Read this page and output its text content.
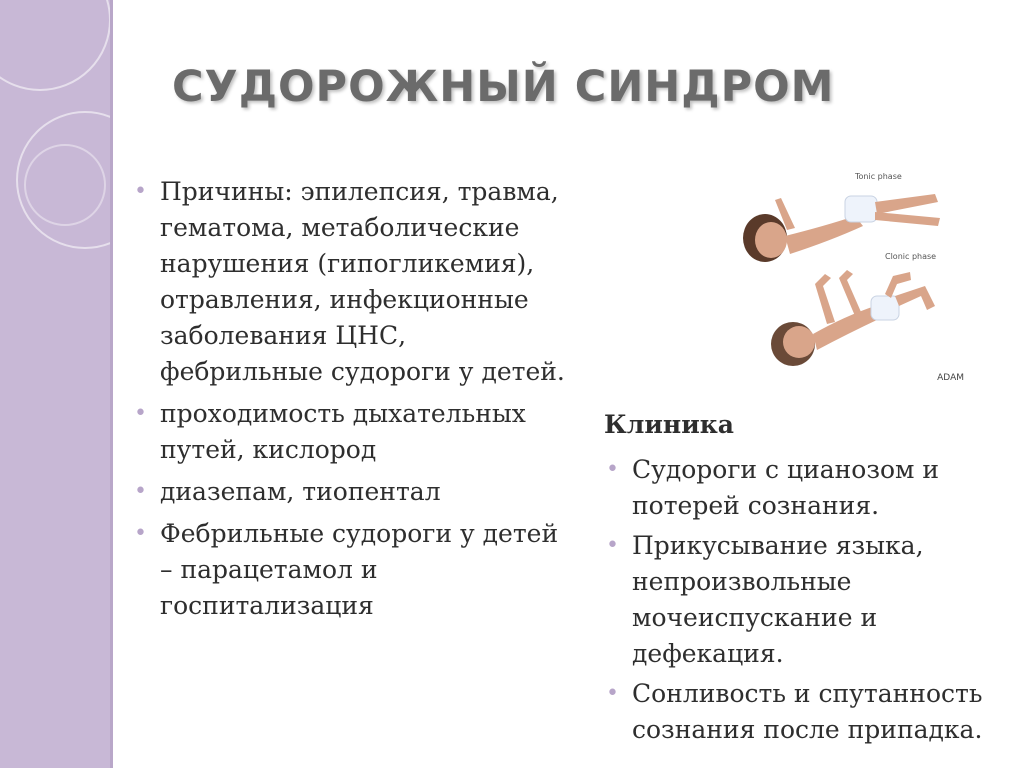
СУДОРОЖНЫЙ СИНДРОМ
• Причины: эпилепсия, травма, гематома, метаболические нарушения (гипогликемия), отравления, инфекционные заболевания ЦНС, фебрильные судороги у детей.
• проходимость дыхательных путей, кислород
• диазепам, тиопентал
• Фебрильные судороги у детей – парацетамол и госпитализация
Tonic phase
Clonic phase
ADAM
Клиника
• Судороги с цианозом и потерей сознания.
• Прикусывание языка, непроизвольные мочеиспускание и дефекация.
• Сонливость и спутанность сознания после припадка.
